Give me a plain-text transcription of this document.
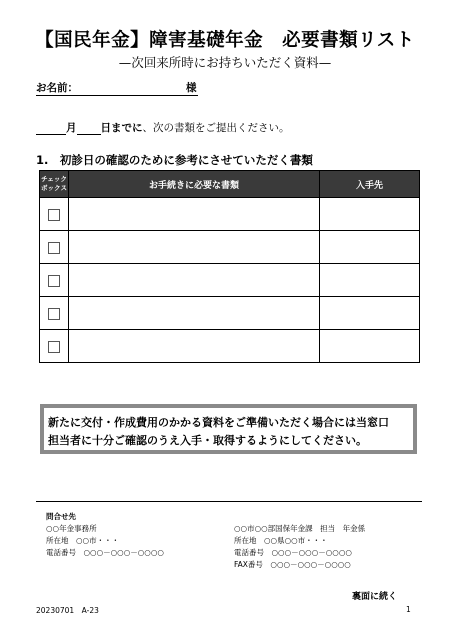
【国民年金】障害基礎年金　必要書類リスト
—次回来所時にお持ちいただく資料—
お名前：	様
月 日までに、次の書類をご提出ください。
1.　初診日の確認のために参考にさせていただく書類
チェック
ボックス	お手続きに必要な書類	入手先

新たに交付・作成費用のかかる資料をご準備いただく場合には当窓口
担当者に十分ご確認のうえ入手・取得するようにしてください。
問合せ先
○○年金事務所
所在地　○○市・・・
電話番号　○○○－○○○－○○○○
○○市○○部国保年金課　担当　年金係
所在地　○○県○○市・・・
電話番号　○○○－○○○－○○○○
FAX番号　○○○－○○○－○○○○
裏面に続く
20230701　A-23	1
